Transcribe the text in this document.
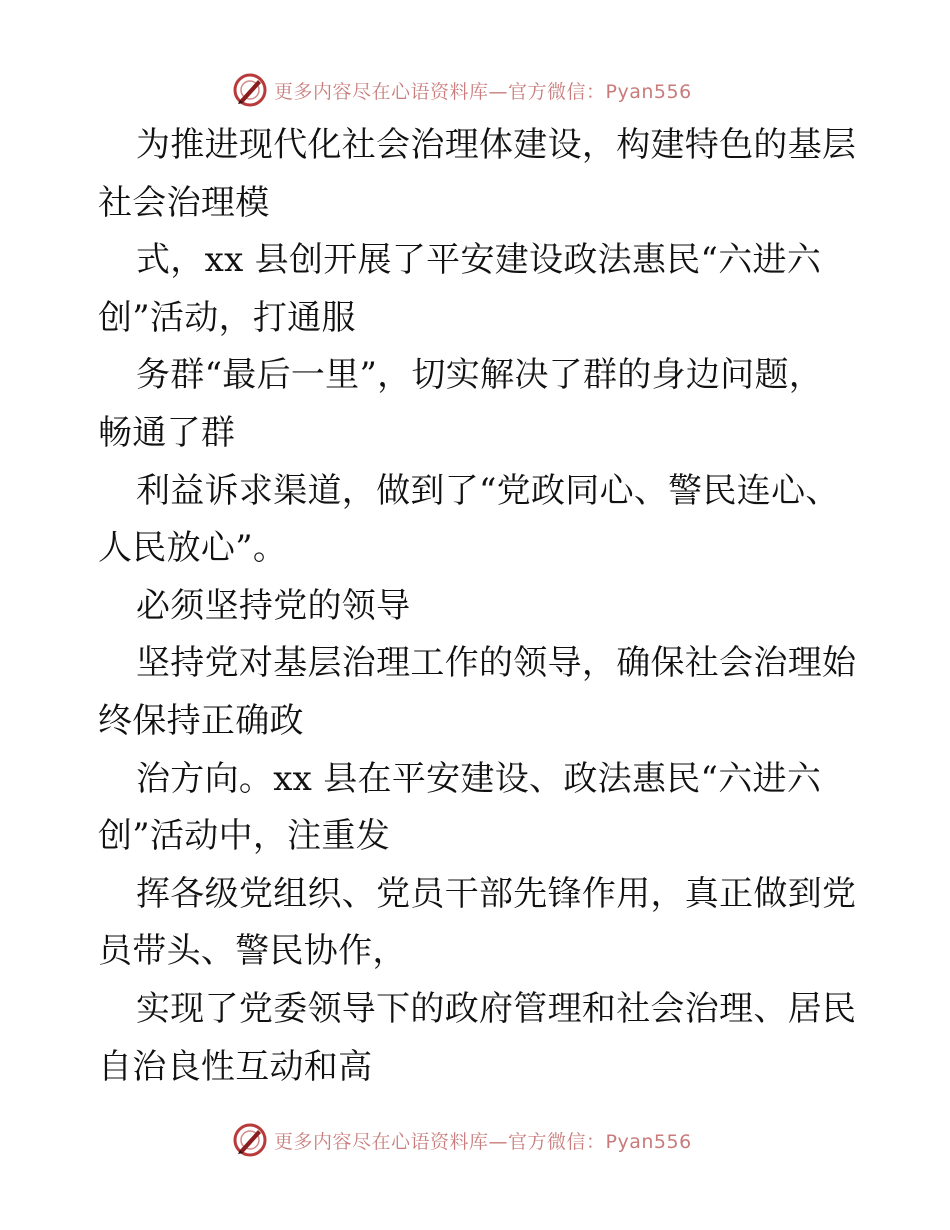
更多内容尽在心语资料库—官方微信：Pyan556
为推进现代化社会治理体建设，构建特色的基层
社会治理模
式，xx 县创开展了平安建设政法惠民“六进六
创”活动，打通服
务群“最后一里”，切实解决了群的身边问题，
畅通了群
利益诉求渠道，做到了“党政同心、警民连心、
人民放心”。
必须坚持党的领导
坚持党对基层治理工作的领导，确保社会治理始
终保持正确政
治方向。xx 县在平安建设、政法惠民“六进六
创”活动中，注重发
挥各级党组织、党员干部先锋作用，真正做到党
员带头、警民协作，
实现了党委领导下的政府管理和社会治理、居民
自治良性互动和高
更多内容尽在心语资料库—官方微信：Pyan556
